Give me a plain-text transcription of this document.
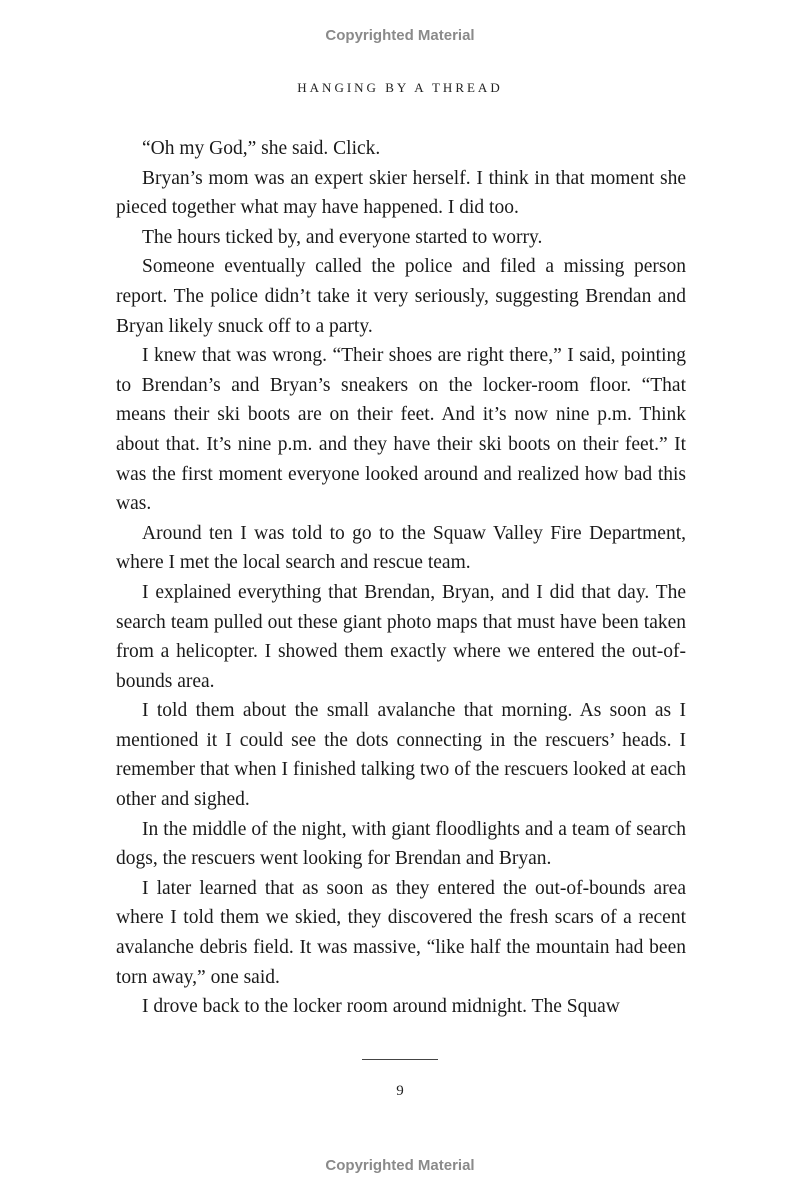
Copyrighted Material
HANGING BY A THREAD

“Oh my God,” she said. Click.

Bryan’s mom was an expert skier herself. I think in that moment she pieced together what may have happened. I did too.

The hours ticked by, and everyone started to worry.

Someone eventually called the police and filed a missing person report. The police didn’t take it very seriously, suggesting Brendan and Bryan likely snuck off to a party.

I knew that was wrong. “Their shoes are right there,” I said, pointing to Brendan’s and Bryan’s sneakers on the locker-room floor. “That means their ski boots are on their feet. And it’s now nine p.m. Think about that. It’s nine p.m. and they have their ski boots on their feet.” It was the first moment everyone looked around and realized how bad this was.

Around ten I was told to go to the Squaw Valley Fire Department, where I met the local search and rescue team.

I explained everything that Brendan, Bryan, and I did that day. The search team pulled out these giant photo maps that must have been taken from a helicopter. I showed them exactly where we entered the out-of-bounds area.

I told them about the small avalanche that morning. As soon as I mentioned it I could see the dots connecting in the rescuers’ heads. I remember that when I finished talking two of the rescuers looked at each other and sighed.

In the middle of the night, with giant floodlights and a team of search dogs, the rescuers went looking for Brendan and Bryan.

I later learned that as soon as they entered the out-of-bounds area where I told them we skied, they discovered the fresh scars of a recent avalanche debris field. It was massive, “like half the mountain had been torn away,” one said.

I drove back to the locker room around midnight. The Squaw

9
Copyrighted Material
